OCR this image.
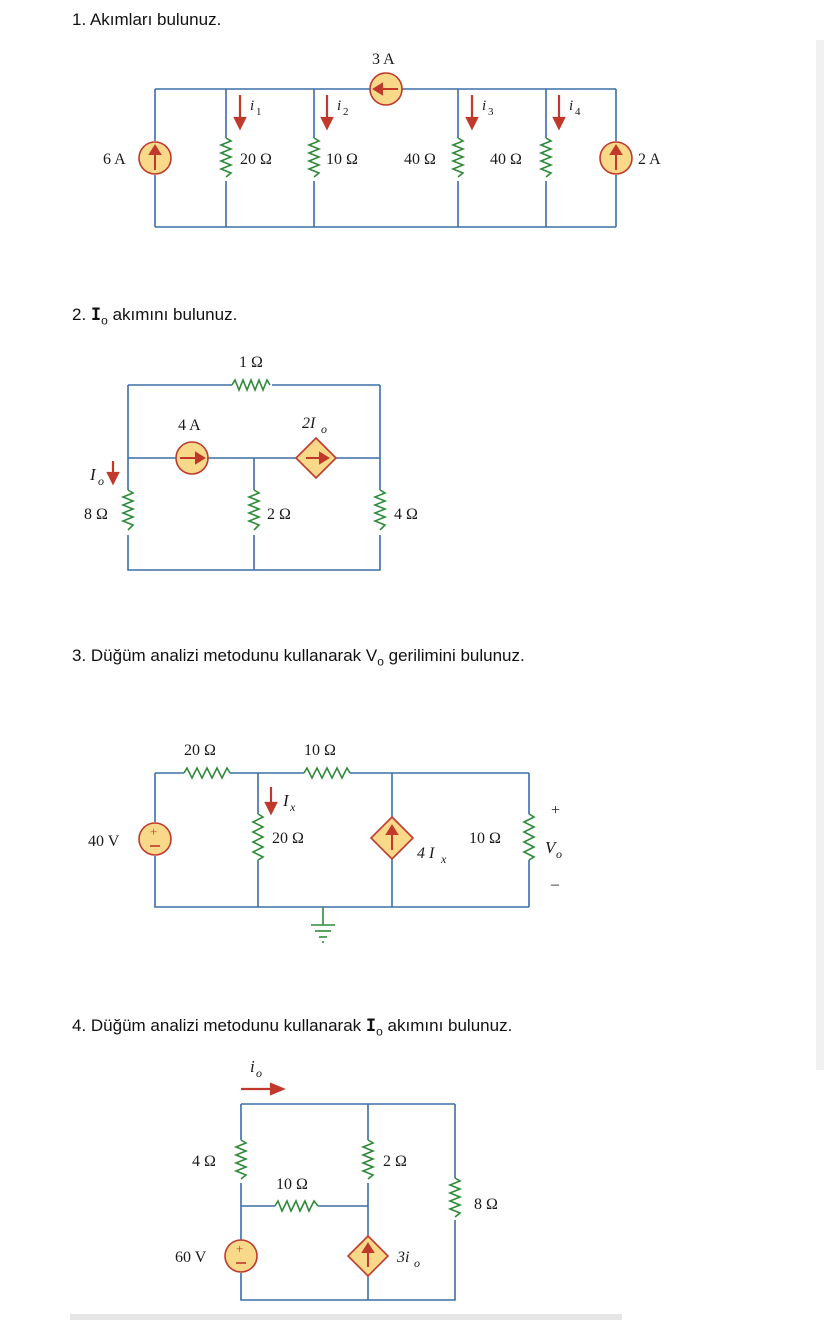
1. Akımları bulunuz.
3 A
6 A	2 A
20 Ω	10 Ω	40 Ω	40 Ω
i 1	i 2	i 3	i 4
2. $I_o$ akımını bulunuz.
1 Ω
4 A	2I o
I o
8 Ω	2 Ω	4 Ω
3. Düğüm analizi metodunu kullanarak $V_o$ gerilimini bulunuz.
+
20 Ω	10 Ω
40 V
I x
20 Ω
4 I x
10 Ω
+
V o
–
4. Düğüm analizi metodunu kullanarak $I_o$ akımını bulunuz.
+
i o
4 Ω	2 Ω
10 Ω
8 Ω
60 V	3i o
